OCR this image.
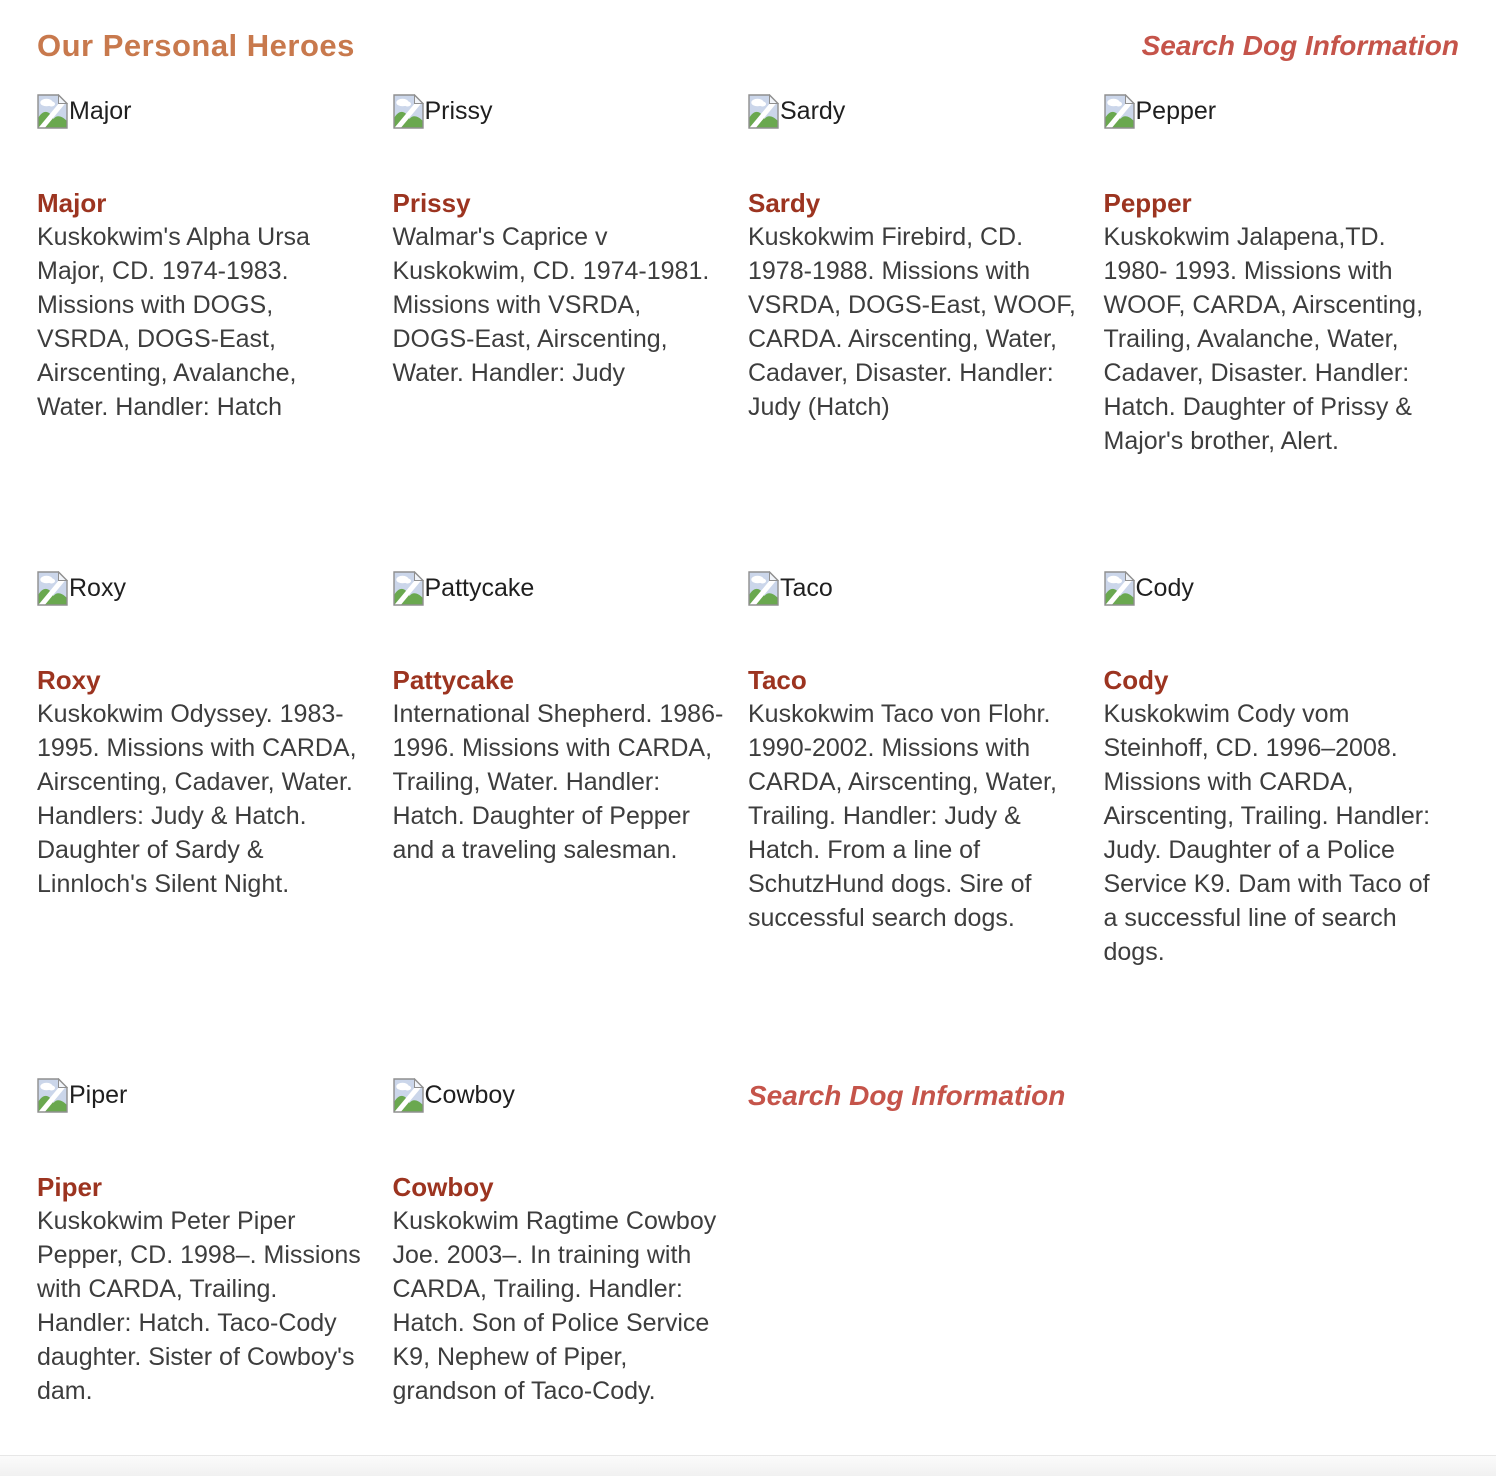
Our Personal Heroes	Search Dog Information
Search Dog Information
Major
Major
Kuskokwim's Alpha Ursa Major, CD. 1974-1983. Missions with DOGS, VSRDA, DOGS-East, Airscenting, Avalanche, Water. Handler: Hatch
Prissy
Prissy
Walmar's Caprice v Kuskokwim, CD. 1974-1981. Missions with VSRDA, DOGS-East, Airscenting, Water. Handler: Judy
Sardy
Sardy
Kuskokwim Firebird, CD. 1978-1988. Missions with VSRDA, DOGS-East, WOOF, CARDA. Airscenting, Water, Cadaver, Disaster. Handler: Judy (Hatch)
Pepper
Pepper
Kuskokwim Jalapena,TD. 1980- 1993. Missions with WOOF, CARDA, Airscenting, Trailing, Avalanche, Water, Cadaver, Disaster. Handler: Hatch. Daughter of Prissy & Major's brother, Alert.
Roxy
Roxy
Kuskokwim Odyssey. 1983-1995. Missions with CARDA, Airscenting, Cadaver, Water. Handlers: Judy & Hatch. Daughter of Sardy & Linnloch's Silent Night.
Pattycake
Pattycake
International Shepherd. 1986-1996. Missions with CARDA, Trailing, Water. Handler: Hatch. Daughter of Pepper and a traveling salesman.
Taco
Taco
Kuskokwim Taco von Flohr. 1990-2002. Missions with CARDA, Airscenting, Water, Trailing. Handler: Judy & Hatch. From a line of SchutzHund dogs. Sire of successful search dogs.
Cody
Cody
Kuskokwim Cody vom Steinhoff, CD. 1996–2008. Missions with CARDA, Airscenting, Trailing. Handler: Judy. Daughter of a Police Service K9. Dam with Taco of a successful line of search dogs.
Piper
Piper
Kuskokwim Peter Piper Pepper, CD. 1998–. Missions with CARDA, Trailing. Handler: Hatch. Taco-Cody daughter. Sister of Cowboy's dam.
Cowboy
Cowboy
Kuskokwim Ragtime Cowboy Joe. 2003–. In training with CARDA, Trailing. Handler: Hatch. Son of Police Service K9, Nephew of Piper, grandson of Taco-Cody.
